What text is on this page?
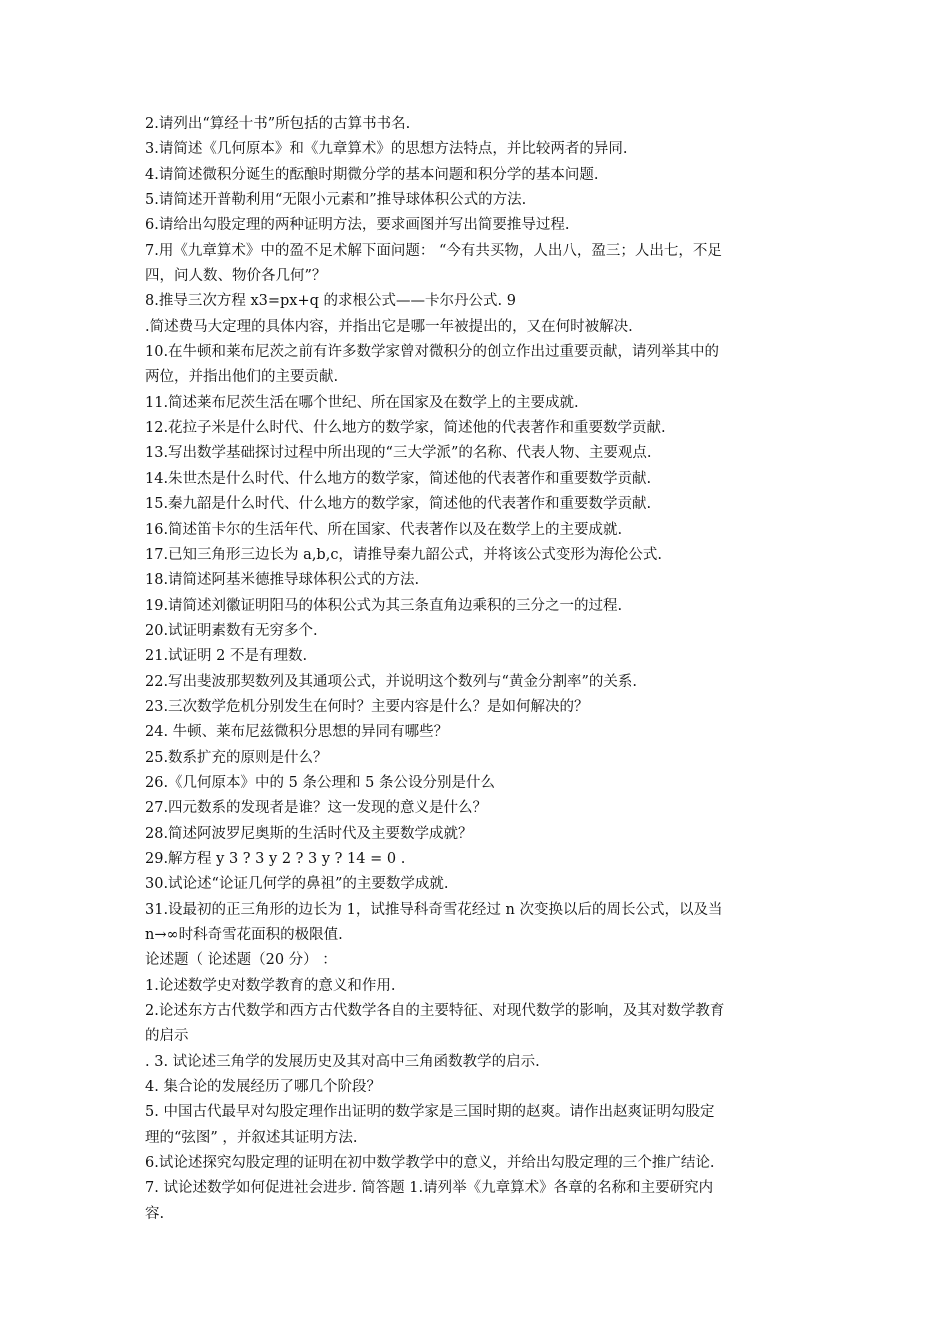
2.请列出“算经十书”所包括的古算书书名.
3.请简述《几何原本》和《九章算术》的思想方法特点，并比较两者的异同.
4.请简述微积分诞生的酝酿时期微分学的基本问题和积分学的基本问题.
5.请简述开普勒利用“无限小元素和”推导球体积公式的方法.
6.请给出勾股定理的两种证明方法，要求画图并写出简要推导过程.
7.用《九章算术》中的盈不足术解下面问题： “今有共买物，人出八，盈三；人出七，不足
四，问人数、物价各几何”？
8.推导三次方程 x3=px+q 的求根公式——卡尔丹公式. 9
.简述费马大定理的具体内容，并指出它是哪一年被提出的，又在何时被解决.
10.在牛顿和莱布尼茨之前有许多数学家曾对微积分的创立作出过重要贡献，请列举其中的
两位，并指出他们的主要贡献.
11.简述莱布尼茨生活在哪个世纪、所在国家及在数学上的主要成就.
12.花拉子米是什么时代、什么地方的数学家，简述他的代表著作和重要数学贡献.
13.写出数学基础探讨过程中所出现的“三大学派”的名称、代表人物、主要观点.
14.朱世杰是什么时代、什么地方的数学家，简述他的代表著作和重要数学贡献.
15.秦九韶是什么时代、什么地方的数学家，简述他的代表著作和重要数学贡献.
16.简述笛卡尔的生活年代、所在国家、代表著作以及在数学上的主要成就.
17.已知三角形三边长为 a,b,c，请推导秦九韶公式，并将该公式变形为海伦公式.
18.请简述阿基米德推导球体积公式的方法.
19.请简述刘徽证明阳马的体积公式为其三条直角边乘积的三分之一的过程.
20.试证明素数有无穷多个.
21.试证明 2 不是有理数.
22.写出斐波那契数列及其通项公式，并说明这个数列与“黄金分割率”的关系.
23.三次数学危机分别发生在何时？主要内容是什么？是如何解决的？
24. 牛顿、莱布尼兹微积分思想的异同有哪些？
25.数系扩充的原则是什么？
26.《几何原本》中的 5 条公理和 5 条公设分别是什么
27.四元数系的发现者是谁？这一发现的意义是什么？
28.简述阿波罗尼奥斯的生活时代及主要数学成就？
29.解方程 y 3 ? 3 y 2 ? 3 y ? 14 = 0 .
30.试论述“论证几何学的鼻祖”的主要数学成就.
31.设最初的正三角形的边长为 1，试推导科奇雪花经过 n 次变换以后的周长公式，以及当
n→∞时科奇雪花面积的极限值.
论述题（ 论述题（20 分） ：
1.论述数学史对数学教育的意义和作用.
2.论述东方古代数学和西方古代数学各自的主要特征、对现代数学的影响，及其对数学教育
的启示
. 3. 试论述三角学的发展历史及其对高中三角函数教学的启示.
4. 集合论的发展经历了哪几个阶段？
5. 中国古代最早对勾股定理作出证明的数学家是三国时期的赵爽。请作出赵爽证明勾股定
理的“弦图” ，并叙述其证明方法.
6.试论述探究勾股定理的证明在初中数学教学中的意义，并给出勾股定理的三个推广结论.
7. 试论述数学如何促进社会进步. 简答题 1.请列举《九章算术》各章的名称和主要研究内
容.
